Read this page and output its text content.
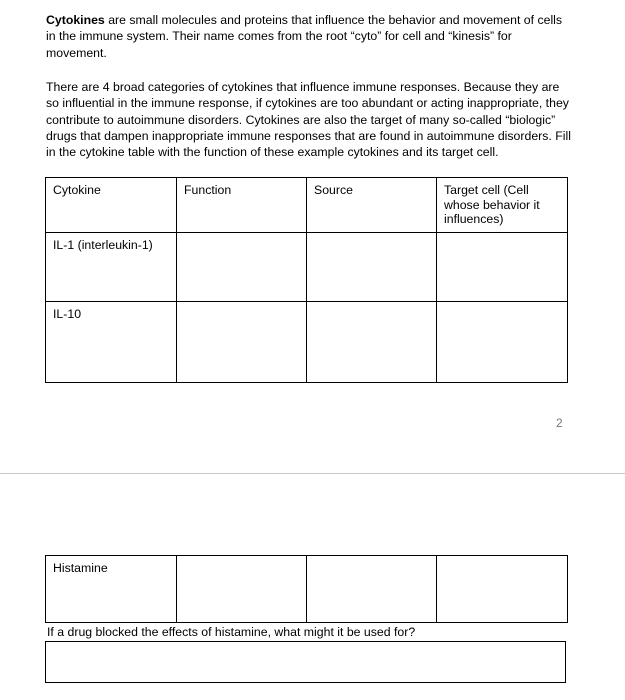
Cytokines are small molecules and proteins that influence the behavior and movement of cells in the immune system. Their name comes from the root “cyto” for cell and “kinesis” for movement.

There are 4 broad categories of cytokines that influence immune responses. Because they are so influential in the immune response, if cytokines are too abundant or acting inappropriate, they contribute to autoimmune disorders. Cytokines are also the target of many so-called “biologic” drugs that dampen inappropriate immune responses that are found in autoimmune disorders. Fill in the cytokine table with the function of these example cytokines and its target cell.

Cytokine	Function	Source	Target cell (Cell whose behavior it influences)
IL-1 (interleukin-1)			
IL-10			
2
Histamine			
If a drug blocked the effects of histamine, what might it be used for?
